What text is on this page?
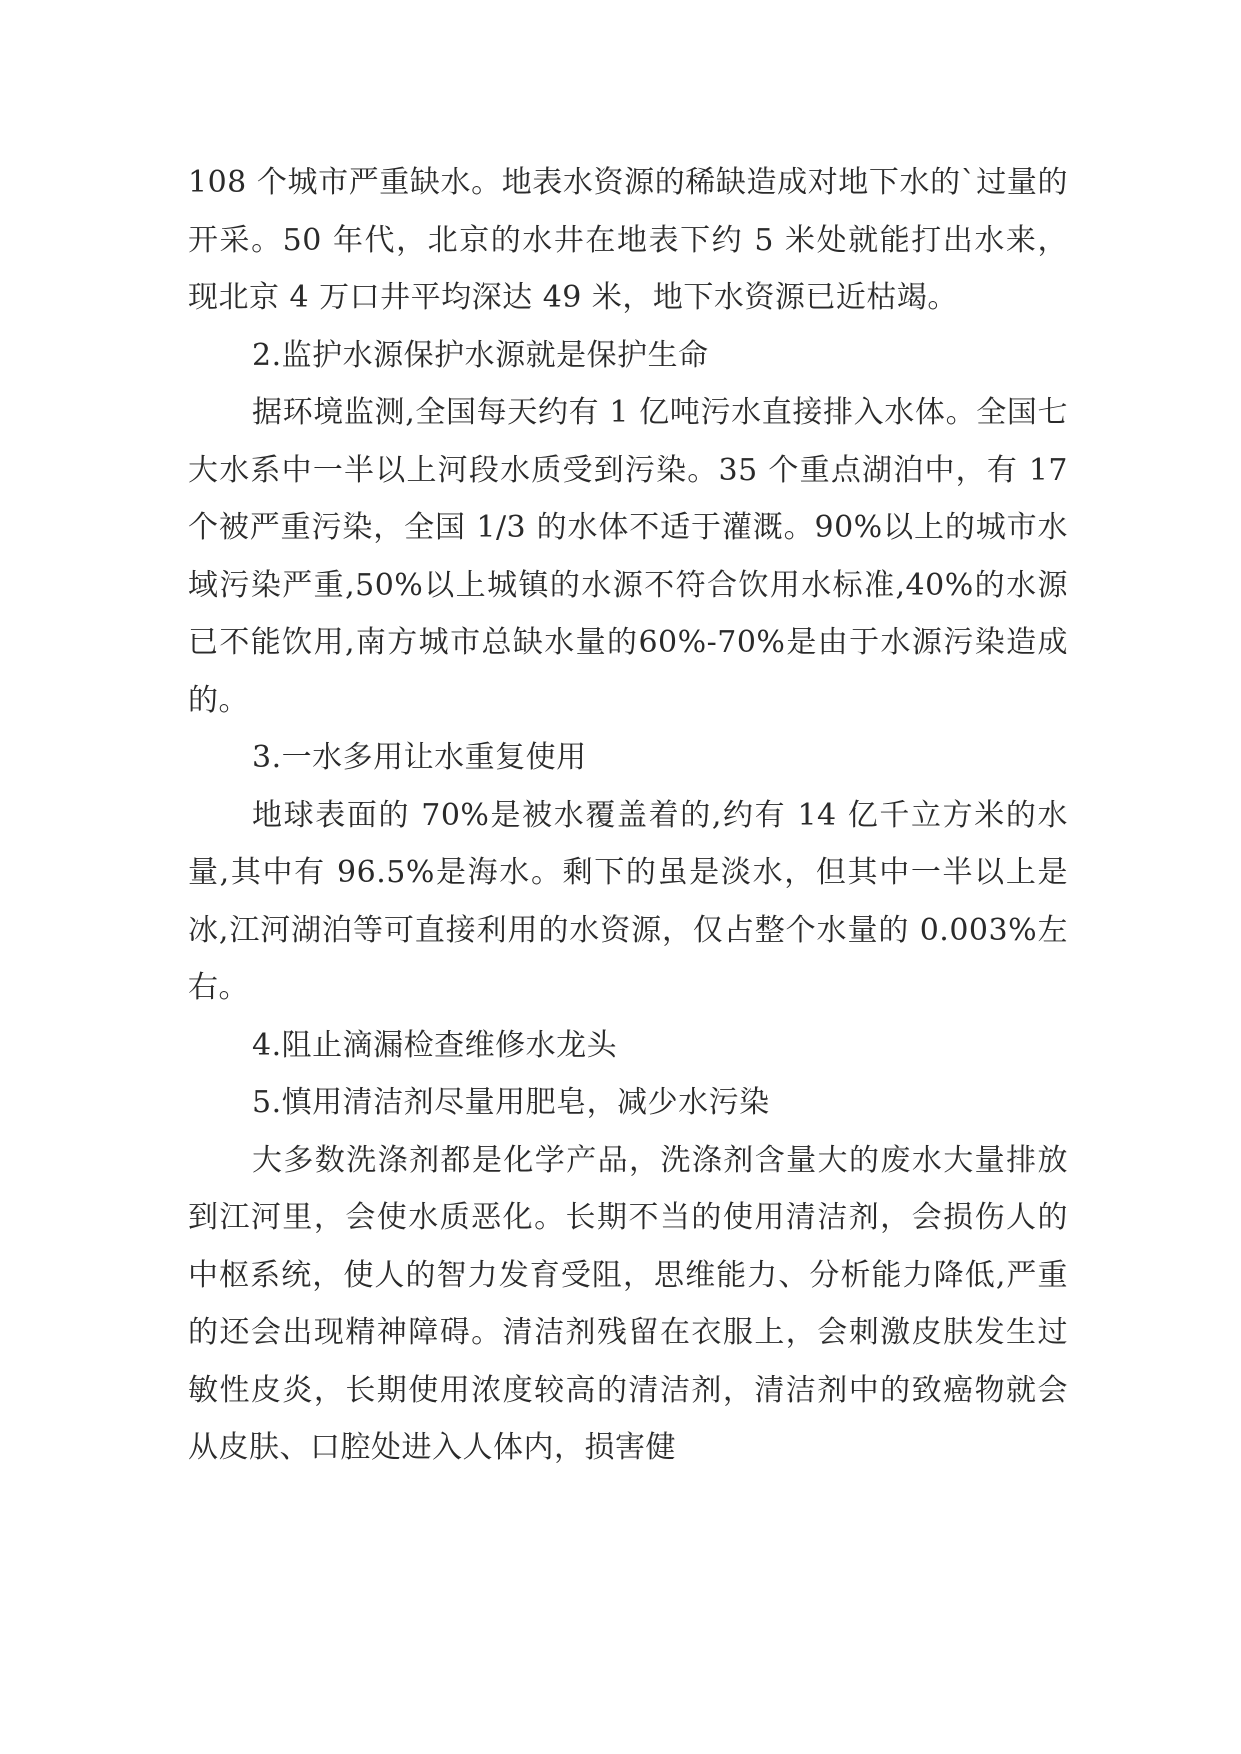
108 个城市严重缺水。地表水资源的稀缺造成对地下水的`过量的开采。50 年代，北京的水井在地表下约 5 米处就能打出水来，现北京 4 万口井平均深达 49 米，地下水资源已近枯竭。

2.监护水源保护水源就是保护生命

据环境监测,全国每天约有 1 亿吨污水直接排入水体。全国七大水系中一半以上河段水质受到污染。35 个重点湖泊中，有 17 个被严重污染，全国 1/3 的水体不适于灌溉。90%以上的城市水域污染严重,50%以上城镇的水源不符合饮用水标准,40%的水源已不能饮用,南方城市总缺水量的60%-70%是由于水源污染造成的。

3.一水多用让水重复使用

地球表面的 70%是被水覆盖着的,约有 14 亿千立方米的水量,其中有 96.5%是海水。剩下的虽是淡水，但其中一半以上是冰,江河湖泊等可直接利用的水资源，仅占整个水量的 0.003%左右。

4.阻止滴漏检查维修水龙头

5.慎用清洁剂尽量用肥皂，减少水污染

大多数洗涤剂都是化学产品，洗涤剂含量大的废水大量排放到江河里，会使水质恶化。长期不当的使用清洁剂，会损伤人的中枢系统，使人的智力发育受阻，思维能力、分析能力降低,严重的还会出现精神障碍。清洁剂残留在衣服上，会刺激皮肤发生过敏性皮炎，长期使用浓度较高的清洁剂，清洁剂中的致癌物就会从皮肤、口腔处进入人体内，损害健
